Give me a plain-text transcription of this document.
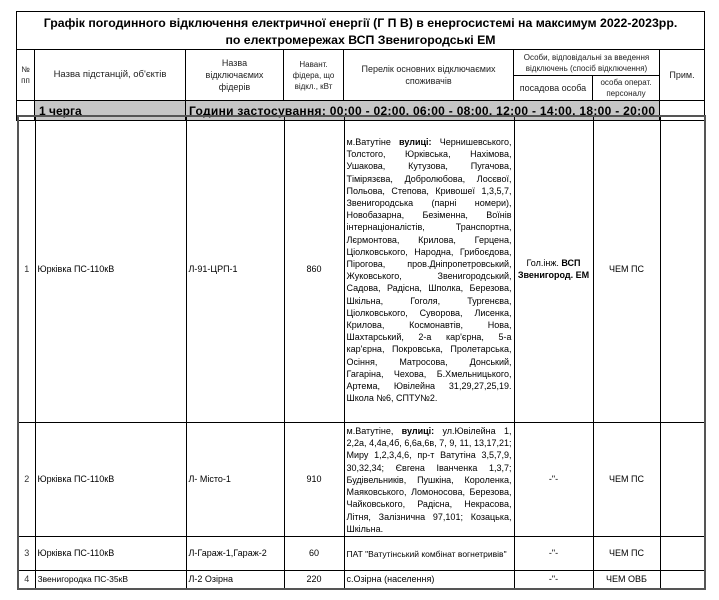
Графік погодинного відключення електричної енергії (Г П В) в енергосистемі на максимум 2022-2023рр.
по електромережах ВСП Звенигородські ЕМ							

№ пп	Назва підстанцій, об'єктів	Назва відключаємих фідерів	Навант. фідера, що відкл., кВт	Перелік основних відключаємих споживачів	Особи, відповідальні за введення відключень (спосіб відключення)		Прим.
					посадова особа	особа операт. персоналу	
	1 черга	Години застосування: 00:00 - 02:00, 06:00 - 08:00, 12:00 - 14:00, 18:00 - 20:00					
1	Юрківка ПС-110кВ	Л-91-ЦРП-1	860	м.Ватутіне вулиці: Чернишевського, Толстого, Юрківська, Нахімова, Ушакова, Кутузова, Пугачова, Тімірязєва, Добролюбова, Лосєвої, Польова, Степова, Кривошеї 1,3,5,7, Звенигородська (парні номери), Новобазарна, Безіменна, Воїнів інтернаціоналістів, Транспортна, Лєрмонтова, Крилова, Герцена, Ціолковського, Народна, Грибоєдова, Пірогова, пров.Дніпропетровський, Жуковського, Звенигородський, Садова, Радісна, Шполка, Березова, Шкільна, Гоголя, Тургенєва, Ціолковського, Суворова, Лисенка, Крилова, Космонавтів, Нова, Шахтарський, 2-а кар'єрна, 5-а кар'єрна, Покровська, Пролетарська, Осіння, Матросова, Донський, Гагаріна, Чехова, Б.Хмельницького, Артема, Ювілейна 31,29,27,25,19. Школа №6, СПТУ№2.	Гол.інж. ВСП Звенигород. ЕМ	ЧЕМ ПС	
2	Юрківка ПС-110кВ	Л- Місто-1	910	м.Ватутіне, вулиці: ул.Ювілейна 1, 2,2а, 4,4а,4б, 6,6а,6в, 7, 9, 11, 13,17,21; Миру 1,2,3,4,6, пр-т Ватутіна 3,5,7,9, 30,32,34; Євгена Іванченка 1,3,7; Будівельників, Пушкіна, Короленка, Маяковського, Ломоносова, Березова, Чайковського, Радісна, Некрасова, Літня, Залізнична 97,101; Козацька, Шкільна.	-"-	ЧЕМ ПС	
3	Юрківка ПС-110кВ	Л-Гараж-1,Гараж-2	60	ПАТ "Ватутінський комбінат вогнетривів"	-"-	ЧЕМ ПС	
4	Звенигородка ПС-35кВ	Л-2 Озірна	220	с.Озірна (населення)	-"-	ЧЕМ ОВБ	
